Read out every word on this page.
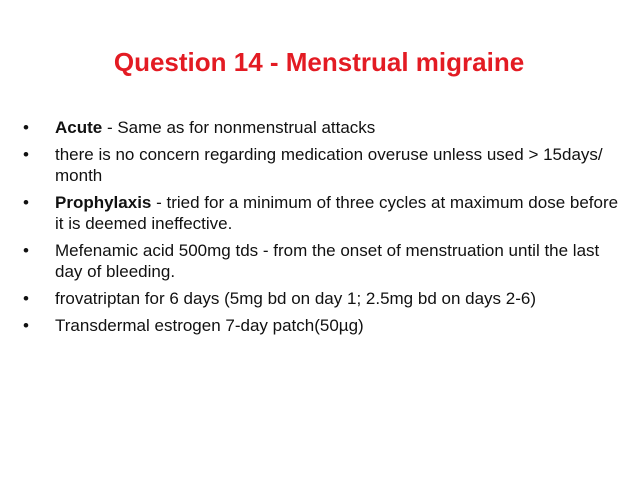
Question 14 - Menstrual migraine
•	Acute - Same as for nonmenstrual attacks
•	there is no concern regarding medication overuse unless used > 15days/ month
•	Prophylaxis - tried for a minimum of three cycles at maximum dose before it is deemed ineffective.
•	Mefenamic acid 500mg tds - from the onset of menstruation until the last day of bleeding.
•	frovatriptan for 6 days (5mg bd on day 1; 2.5mg bd on days 2-6)
•	Transdermal estrogen 7-day patch(50µg)
